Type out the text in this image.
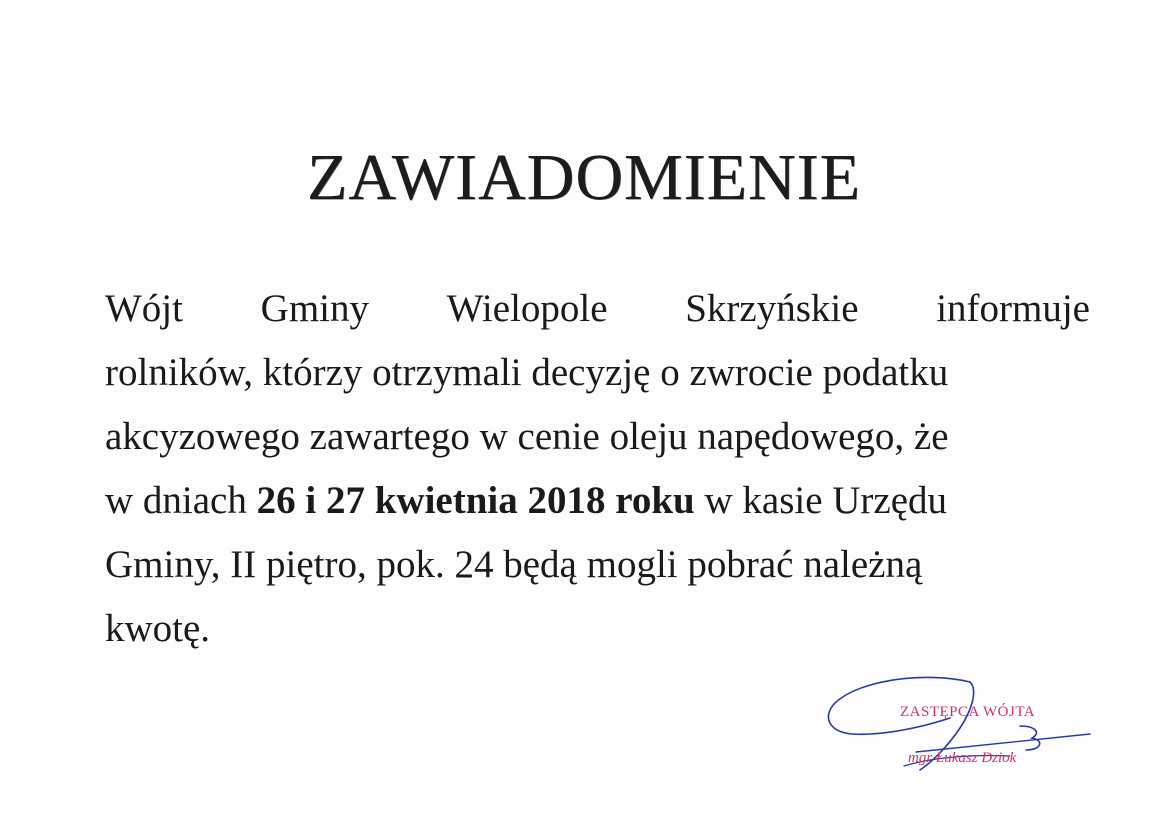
ZAWIADOMIENIE
Wójt Gminy Wielopole Skrzyńskie informuje
rolników, którzy otrzymali decyzję o zwrocie podatku
akcyzowego zawartego w cenie oleju napędowego, że
w dniach 26 i 27 kwietnia 2018 roku w kasie Urzędu
Gminy, II piętro, pok. 24 będą mogli pobrać należną
kwotę.
ZASTĘPCA WÓJTA
mgr Łukasz Dziok
